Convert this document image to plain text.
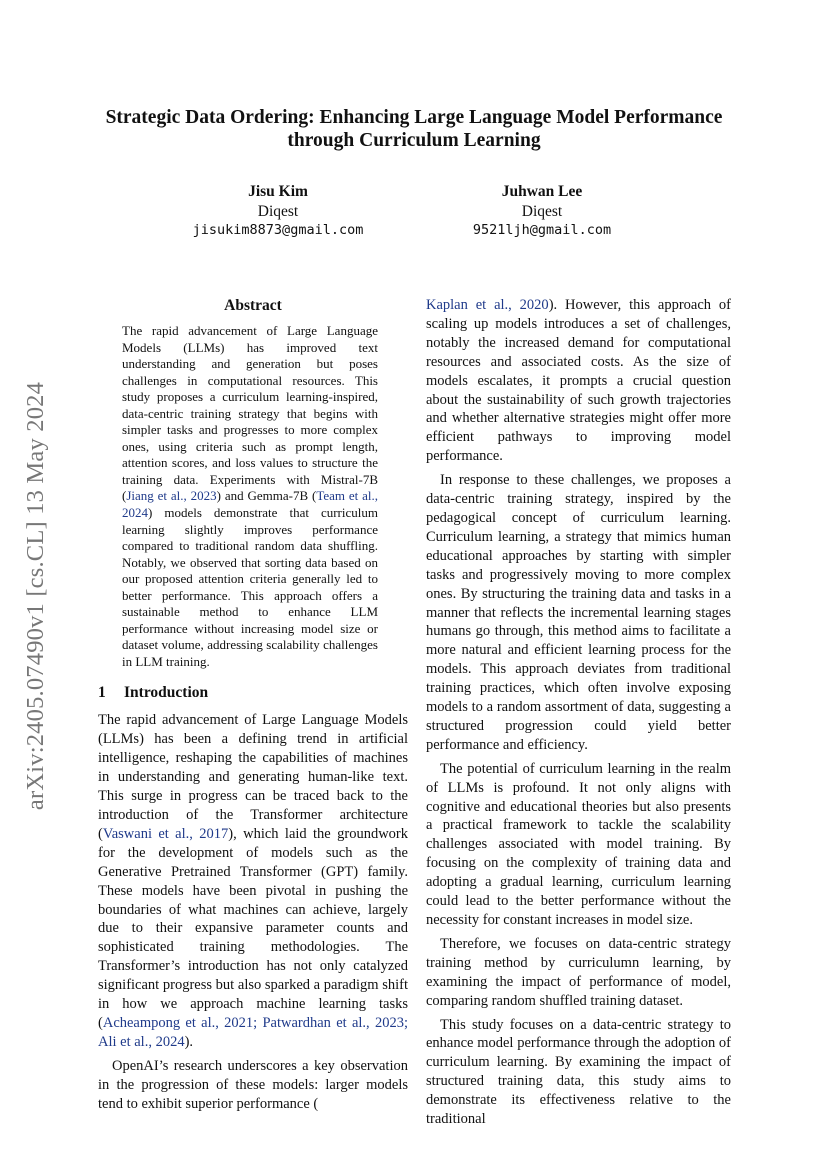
arXiv:2405.07490v1 [cs.CL] 13 May 2024
Strategic Data Ordering: Enhancing Large Language Model Performance through Curriculum Learning
Jisu Kim
Diqest
jisukim8873@gmail.com
Juhwan Lee
Diqest
9521ljh@gmail.com
Abstract

The rapid advancement of Large Language Models (LLMs) has improved text understanding and generation but poses challenges in computational resources. This study proposes a curriculum learning-inspired, data-centric training strategy that begins with simpler tasks and progresses to more complex ones, using criteria such as prompt length, attention scores, and loss values to structure the training data. Experiments with Mistral-7B (Jiang et al., 2023) and Gemma-7B (Team et al., 2024) models demonstrate that curriculum learning slightly improves performance compared to traditional random data shuffling. Notably, we observed that sorting data based on our proposed attention criteria generally led to better performance. This approach offers a sustainable method to enhance LLM performance without increasing model size or dataset volume, addressing scalability challenges in LLM training.

1 Introduction

The rapid advancement of Large Language Models (LLMs) has been a defining trend in artificial intelligence, reshaping the capabilities of machines in understanding and generating human-like text. This surge in progress can be traced back to the introduction of the Transformer architecture (Vaswani et al., 2017), which laid the groundwork for the development of models such as the Generative Pretrained Transformer (GPT) family. These models have been pivotal in pushing the boundaries of what machines can achieve, largely due to their expansive parameter counts and sophisticated training methodologies. The Transformer’s introduction has not only catalyzed significant progress but also sparked a paradigm shift in how we approach machine learning tasks (Acheampong et al., 2021; Patwardhan et al., 2023; Ali et al., 2024).

OpenAI’s research underscores a key observation in the progression of these models: larger models tend to exhibit superior performance (

Kaplan et al., 2020). However, this approach of scaling up models introduces a set of challenges, notably the increased demand for computational resources and associated costs. As the size of models escalates, it prompts a crucial question about the sustainability of such growth trajectories and whether alternative strategies might offer more efficient pathways to improving model performance.

In response to these challenges, we proposes a data-centric training strategy, inspired by the pedagogical concept of curriculum learning. Curriculum learning, a strategy that mimics human educational approaches by starting with simpler tasks and progressively moving to more complex ones. By structuring the training data and tasks in a manner that reflects the incremental learning stages humans go through, this method aims to facilitate a more natural and efficient learning process for the models. This approach deviates from traditional training practices, which often involve exposing models to a random assortment of data, suggesting a structured progression could yield better performance and efficiency.

The potential of curriculum learning in the realm of LLMs is profound. It not only aligns with cognitive and educational theories but also presents a practical framework to tackle the scalability challenges associated with model training. By focusing on the complexity of training data and adopting a gradual learning, curriculum learning could lead to the better performance without the necessity for constant increases in model size.

Therefore, we focuses on data-centric strategy training method by curriculumn learning, by examining the impact of performance of model, comparing random shuffled training dataset.

This study focuses on a data-centric strategy to enhance model performance through the adoption of curriculum learning. By examining the impact of structured training data, this study aims to demonstrate its effectiveness relative to the traditional
